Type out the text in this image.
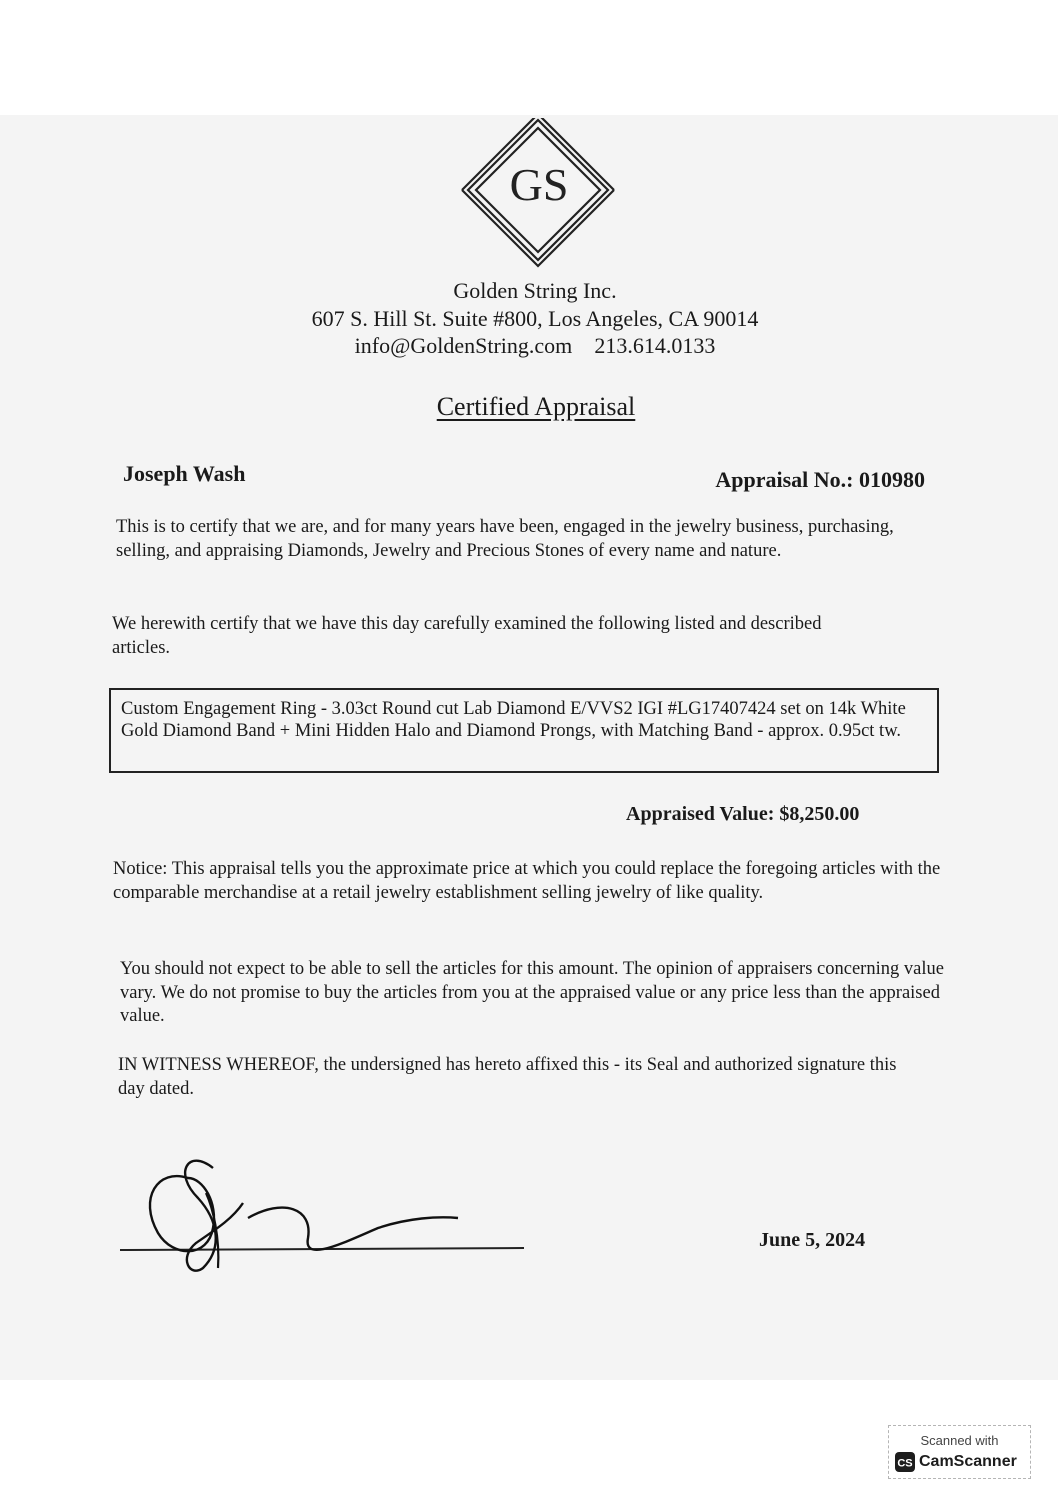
GS
Golden String Inc.
607 S. Hill St. Suite #800, Los Angeles, CA 90014
info@GoldenString.com 213.614.0133
Certified Appraisal
Joseph Wash	Appraisal No.: 010980
This is to certify that we are, and for many years have been, engaged in the jewelry business, purchasing, selling, and appraising Diamonds, Jewelry and Precious Stones of every name and nature.
We herewith certify that we have this day carefully examined the following listed and described articles.
Custom Engagement Ring - 3.03ct Round cut Lab Diamond E/VVS2 IGI #LG17407424 set on 14k White Gold Diamond Band + Mini Hidden Halo and Diamond Prongs, with Matching Band - approx. 0.95ct tw.
Appraised Value: $8,250.00
Notice: This appraisal tells you the approximate price at which you could replace the foregoing articles with the comparable merchandise at a retail jewelry establishment selling jewelry of like quality.
You should not expect to be able to sell the articles for this amount. The opinion of appraisers concerning value vary. We do not promise to buy the articles from you at the appraised value or any price less than the appraised value.
IN WITNESS WHEREOF, the undersigned has hereto affixed this - its Seal and authorized signature this day dated.
June 5, 2024
Scanned with
CS CamScanner
